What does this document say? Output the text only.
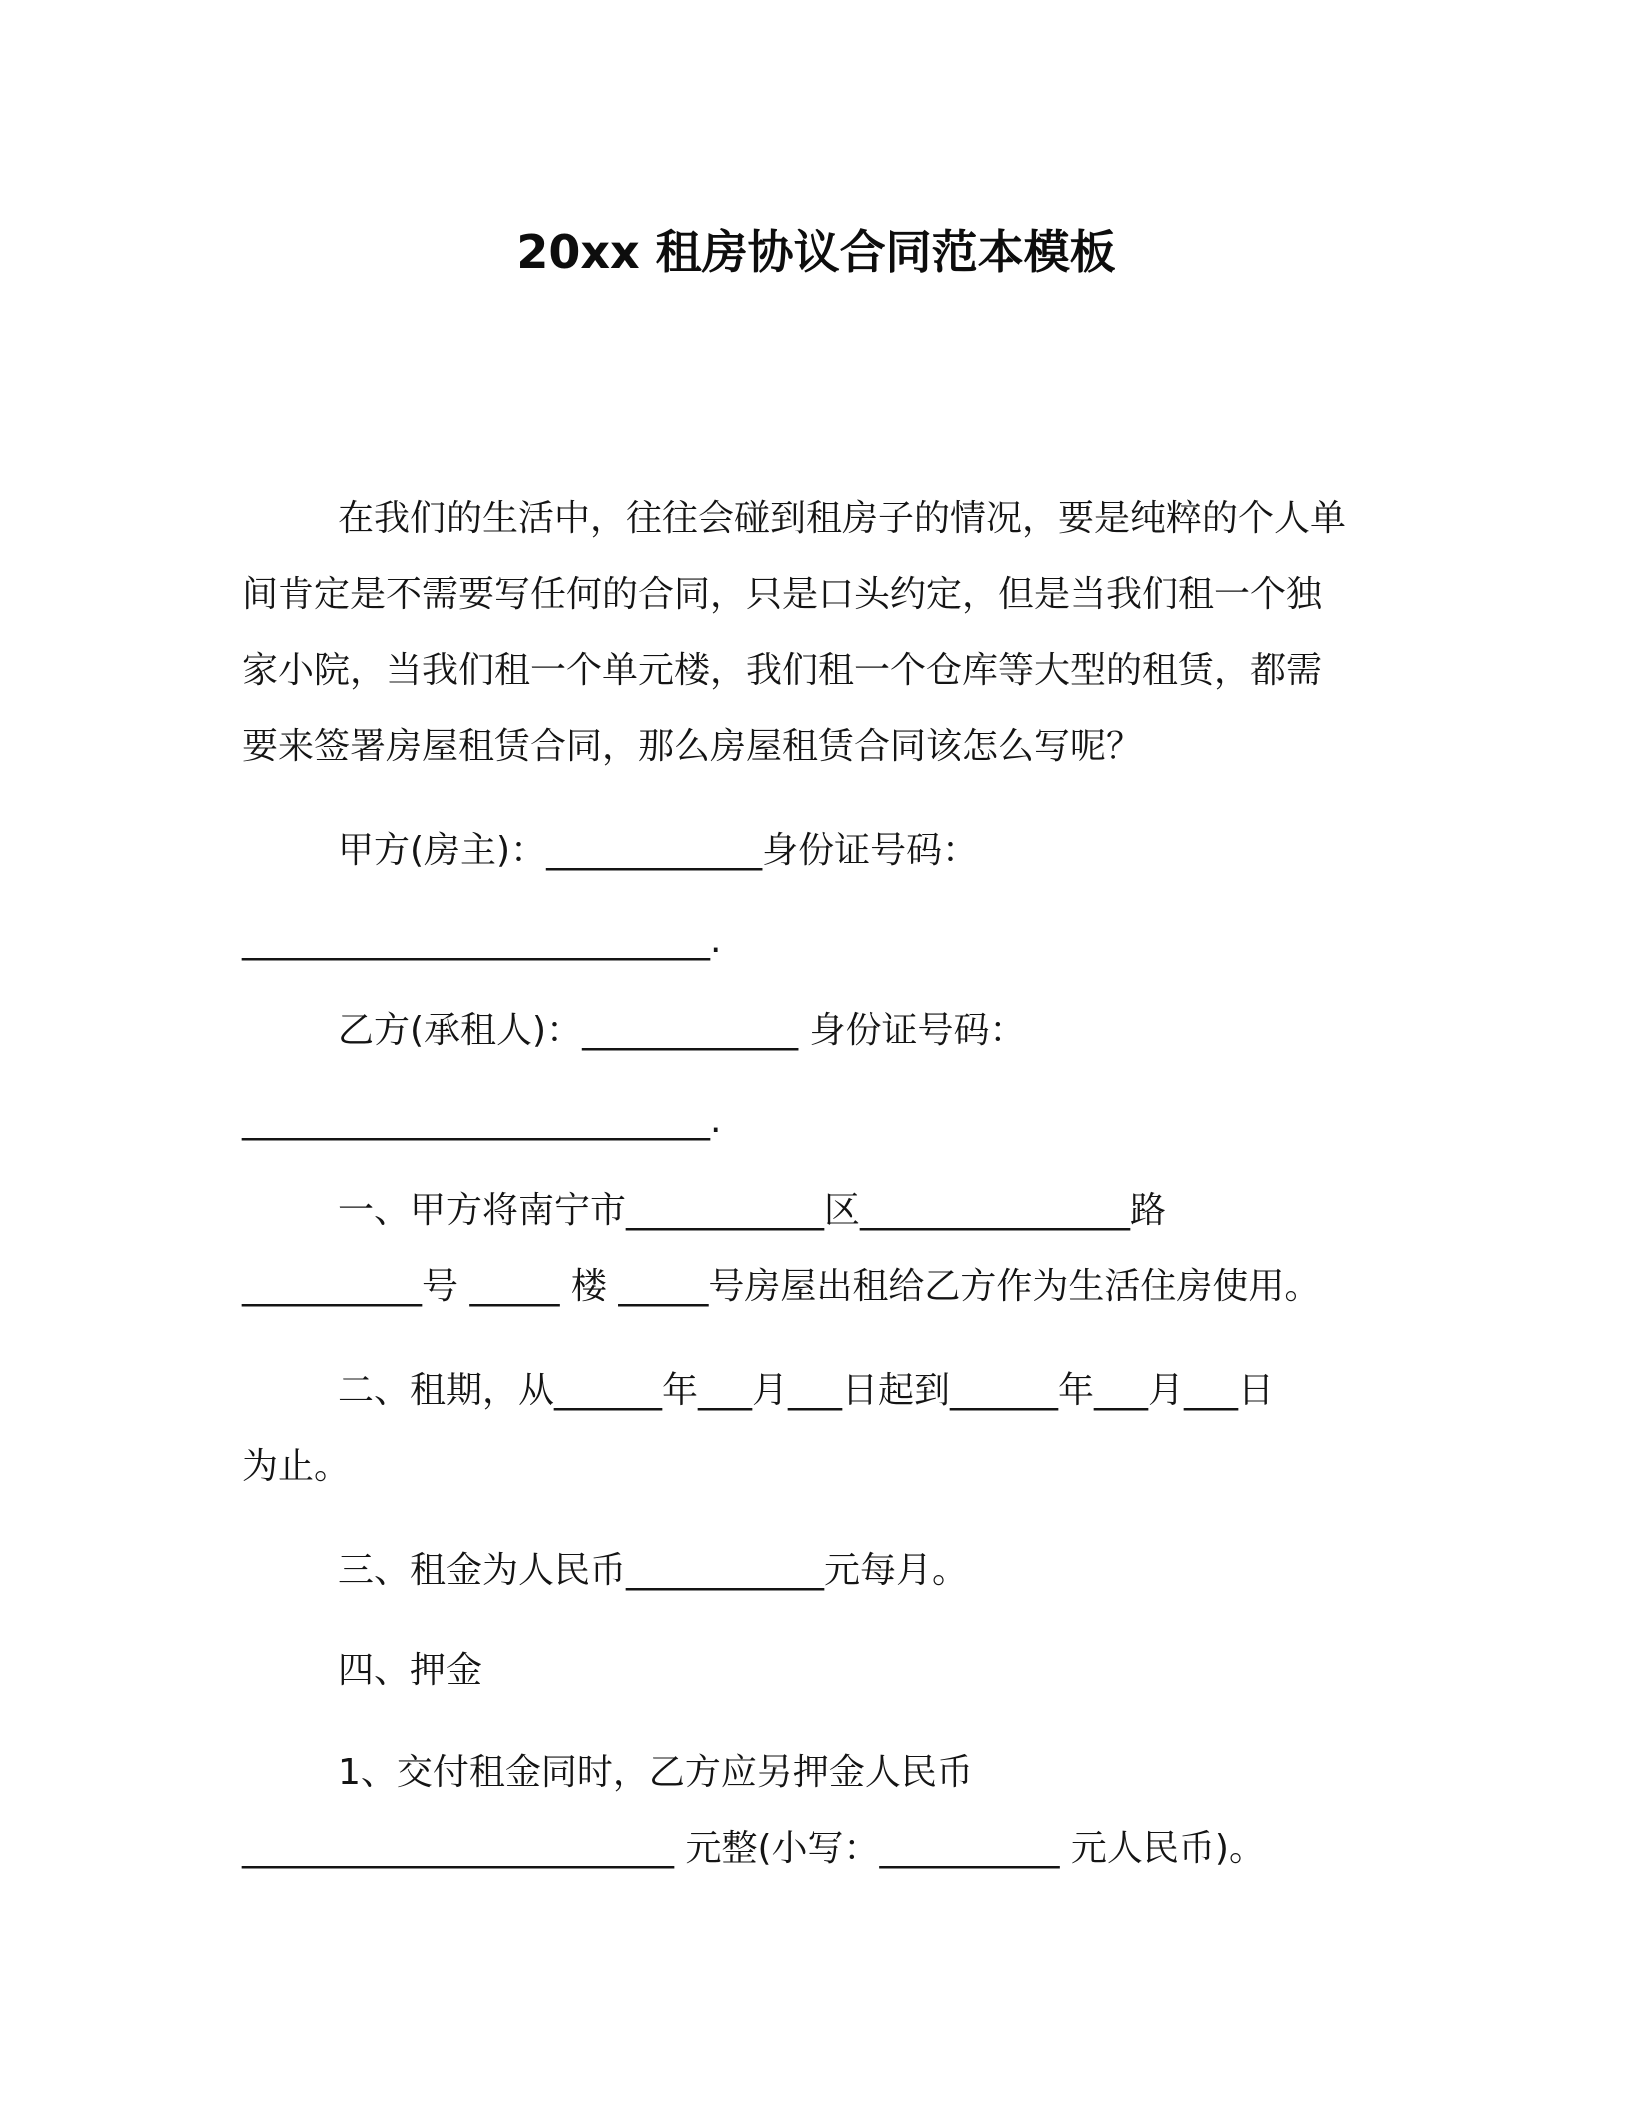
20xx 租房协议合同范本模板
在我们的生活中，往往会碰到租房子的情况，要是纯粹的个人单
间肯定是不需要写任何的合同，只是口头约定，但是当我们租一个独
家小院，当我们租一个单元楼，我们租一个仓库等大型的租赁，都需
要来签署房屋租赁合同，那么房屋租赁合同该怎么写呢？
甲方(房主)：____________身份证号码：
__________________________.
乙方(承租人)：____________ 身份证号码：
__________________________.
一、甲方将南宁市___________区_______________路
__________号 _____ 楼 _____号房屋出租给乙方作为生活住房使用。
二、租期，从______年___月___日起到______年___月___日
为止。
三、租金为人民币___________元每月。
四、押金
1、交付租金同时，乙方应另押金人民币
________________________ 元整(小写：__________ 元人民币)。
